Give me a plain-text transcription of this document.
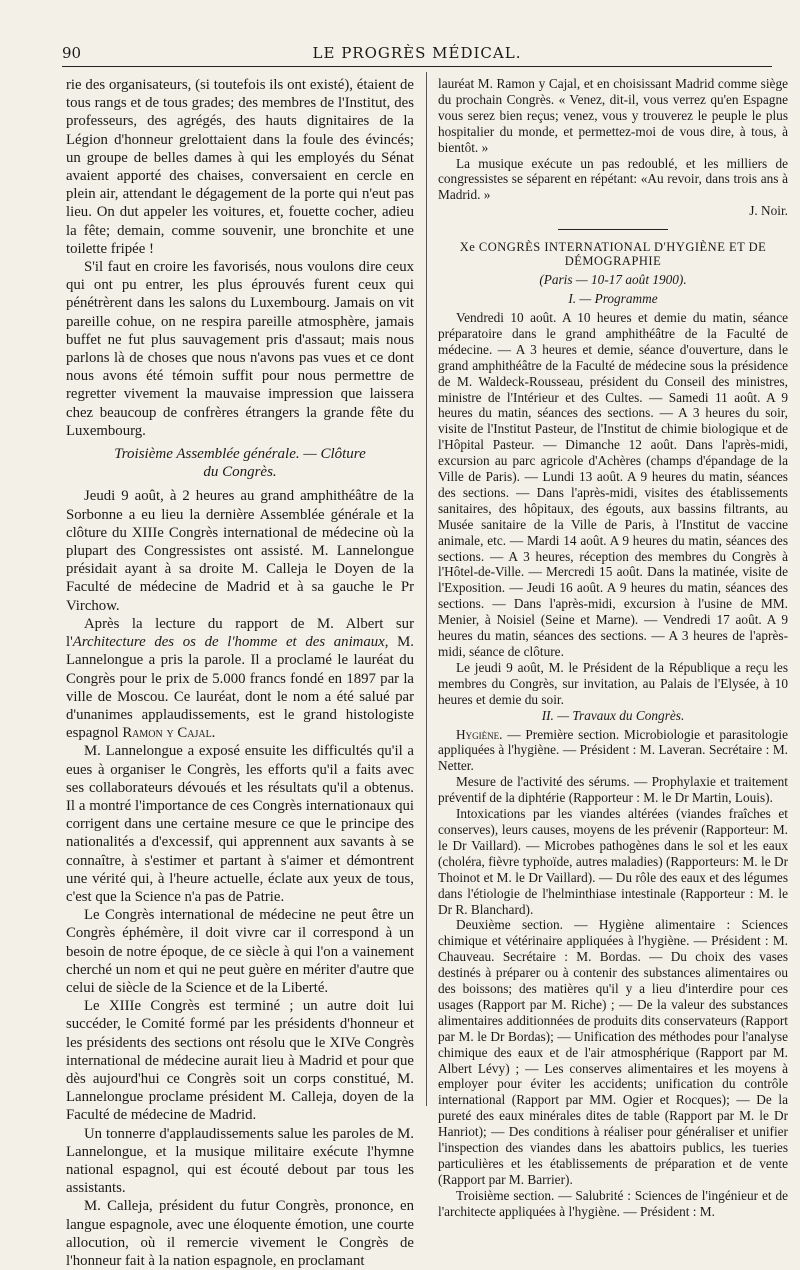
90	LE PROGRÈS MÉDICAL.

rie des organisateurs, (si toutefois ils ont existé), étaient de tous rangs et de tous grades; des membres de l'Institut, des professeurs, des agrégés, des hauts dignitaires de la Légion d'honneur grelottaient dans la foule des évincés; un groupe de belles dames à qui les employés du Sénat avaient apporté des chaises, conversaient en cercle en plein air, attendant le dégagement de la porte qui n'eut pas lieu. On dut appeler les voitures, et, fouette cocher, adieu la fête; demain, comme souvenir, une bronchite et une toilette fripée !

S'il faut en croire les favorisés, nous voulons dire ceux qui ont pu entrer, les plus éprouvés furent ceux qui pénétrèrent dans les salons du Luxembourg. Jamais on vit pareille cohue, on ne respira pareille atmosphère, jamais buffet ne fut plus sauvagement pris d'assaut; mais nous parlons là de choses que nous n'avons pas vues et ce dont nous avons été témoin suffit pour nous permettre de regretter vivement la mauvaise impression que laissera chez beaucoup de confrères étrangers la grande fête du Luxembourg.

Troisième Assemblée générale. — Clôture
du Congrès.

Jeudi 9 août, à 2 heures au grand amphithéâtre de la Sorbonne a eu lieu la dernière Assemblée générale et la clôture du XIIIe Congrès international de médecine où la plupart des Congressistes ont assisté. M. Lannelongue présidait ayant à sa droite M. Calleja le Doyen de la Faculté de médecine de Madrid et à sa gauche le Pr Virchow.

Après la lecture du rapport de M. Albert sur l'Architecture des os de l'homme et des animaux, M. Lannelongue a pris la parole. Il a proclamé le lauréat du Congrès pour le prix de 5.000 francs fondé en 1897 par la ville de Moscou. Ce lauréat, dont le nom a été salué par d'unanimes applaudissements, est le grand histologiste espagnol Ramon y Cajal.

M. Lannelongue a exposé ensuite les difficultés qu'il a eues à organiser le Congrès, les efforts qu'il a faits avec ses collaborateurs dévoués et les résultats qu'il a obtenus. Il a montré l'importance de ces Congrès internationaux qui corrigent dans une certaine mesure ce que le principe des nationalités a d'excessif, qui apprennent aux savants à se connaître, à s'estimer et partant à s'aimer et démontrent une vérité qui, à l'heure actuelle, éclate aux yeux de tous, c'est que la Science n'a pas de Patrie.

Le Congrès international de médecine ne peut être un Congrès éphémère, il doit vivre car il correspond à un besoin de notre époque, de ce siècle à qui l'on a vainement cherché un nom et qui ne peut guère en mériter d'autre que celui de siècle de la Science et de la Liberté.

Le XIIIe Congrès est terminé ; un autre doit lui succéder, le Comité formé par les présidents d'honneur et les présidents des sections ont résolu que le XIVe Congrès international de médecine aurait lieu à Madrid et pour que dès aujourd'hui ce Congrès soit un corps constitué, M. Lannelongue proclame président M. Calleja, doyen de la Faculté de médecine de Madrid.

Un tonnerre d'applaudissements salue les paroles de M. Lannelongue, et la musique militaire exécute l'hymne national espagnol, qui est écouté debout par tous les assistants.

M. Calleja, président du futur Congrès, prononce, en langue espagnole, avec une éloquente émotion, une courte allocution, où il remercie vivement le Congrès de l'honneur fait à la nation espagnole, en proclamant

lauréat M. Ramon y Cajal, et en choisissant Madrid comme siège du prochain Congrès. « Venez, dit-il, vous verrez qu'en Espagne vous serez bien reçus; venez, vous y trouverez le peuple le plus hospitalier du monde, et permettez-moi de vous dire, à tous, à bientôt. »

La musique exécute un pas redoublé, et les milliers de congressistes se séparent en répétant: «Au revoir, dans trois ans à Madrid. »

J. Noir.

Xe CONGRÈS INTERNATIONAL D'HYGIÈNE ET DE DÉMOGRAPHIE

(Paris — 10-17 août 1900).

I. — Programme

Vendredi 10 août. A 10 heures et demie du matin, séance préparatoire dans le grand amphithéâtre de la Faculté de médecine. — A 3 heures et demie, séance d'ouverture, dans le grand amphithéâtre de la Faculté de médecine sous la présidence de M. Waldeck-Rousseau, président du Conseil des ministres, ministre de l'Intérieur et des Cultes. — Samedi 11 août. A 9 heures du matin, séances des sections. — A 3 heures du soir, visite de l'Institut Pasteur, de l'Institut de chimie biologique et de l'Hôpital Pasteur. — Dimanche 12 août. Dans l'après-midi, excursion au parc agricole d'Achères (champs d'épandage de la Ville de Paris). — Lundi 13 août. A 9 heures du matin, séances des sections. — Dans l'après-midi, visites des établissements sanitaires, des hôpitaux, des égouts, aux bassins filtrants, au Musée sanitaire de la Ville de Paris, à l'Institut de vaccine animale, etc. — Mardi 14 août. A 9 heures du matin, séances des sections. — A 3 heures, réception des membres du Congrès à l'Hôtel-de-Ville. — Mercredi 15 août. Dans la matinée, visite de l'Exposition. — Jeudi 16 août. A 9 heures du matin, séances des sections. — Dans l'après-midi, excursion à l'usine de MM. Menier, à Noisiel (Seine et Marne). — Vendredi 17 août. A 9 heures du matin, séances des sections. — A 3 heures de l'après-midi, séance de clôture.

Le jeudi 9 août, M. le Président de la République a reçu les membres du Congrès, sur invitation, au Palais de l'Elysée, à 10 heures et demie du soir.

II. — Travaux du Congrès.

Hygiène. — Première section. Microbiologie et parasitologie appliquées à l'hygiène. — Président : M. Laveran. Secrétaire : M. Netter.

Mesure de l'activité des sérums. — Prophylaxie et traitement préventif de la diphtérie (Rapporteur : M. le Dr Martin, Louis).

Intoxications par les viandes altérées (viandes fraîches et conserves), leurs causes, moyens de les prévenir (Rapporteur: M. le Dr Vaillard). — Microbes pathogènes dans le sol et les eaux (choléra, fièvre typhoïde, autres maladies) (Rapporteurs: M. le Dr Thoinot et M. le Dr Vaillard). — Du rôle des eaux et des légumes dans l'étiologie de l'helminthiase intestinale (Rapporteur : M. le Dr R. Blanchard).

Deuxième section. — Hygiène alimentaire : Sciences chimique et vétérinaire appliquées à l'hygiène. — Président : M. Chauveau. Secrétaire : M. Bordas. — Du choix des vases destinés à préparer ou à contenir des substances alimentaires ou des boissons; des matières qu'il y a lieu d'interdire pour ces usages (Rapport par M. Riche) ; — De la valeur des substances alimentaires additionnées de produits dits conservateurs (Rapport par M. le Dr Bordas); — Unification des méthodes pour l'analyse chimique des eaux et de l'air atmosphérique (Rapport par M. Albert Lévy) ; — Les conserves alimentaires et les moyens à employer pour éviter les accidents; unification du contrôle international (Rapport par MM. Ogier et Rocques); — De la pureté des eaux minérales dites de table (Rapport par M. le Dr Hanriot); — Des conditions à réaliser pour généraliser et unifier l'inspection des viandes dans les abattoirs publics, les tueries particulières et les établissements de préparation et de vente (Rapport par M. Barrier).

Troisième section. — Salubrité : Sciences de l'ingénieur et de l'architecte appliquées à l'hygiène. — Président : M.
